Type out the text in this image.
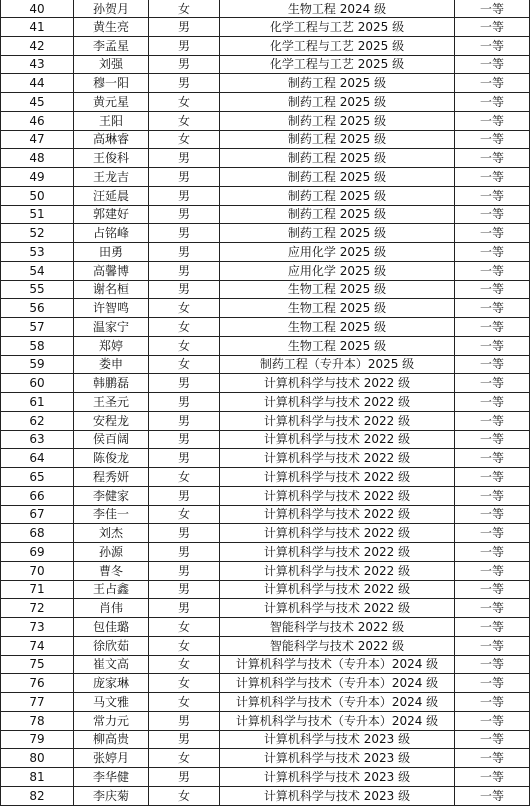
40	孙贺月	女	生物工程 2024 级	一等
41	黄生亮	男	化学工程与工艺 2025 级	一等
42	李孟星	男	化学工程与工艺 2025 级	一等
43	刘强	男	化学工程与工艺 2025 级	一等
44	穆一阳	男	制药工程 2025 级	一等
45	黄元星	女	制药工程 2025 级	一等
46	王阳	女	制药工程 2025 级	一等
47	高琳睿	女	制药工程 2025 级	一等
48	王俊科	男	制药工程 2025 级	一等
49	王龙吉	男	制药工程 2025 级	一等
50	汪延晨	男	制药工程 2025 级	一等
51	郭建好	男	制药工程 2025 级	一等
52	占铭峰	男	制药工程 2025 级	一等
53	田勇	男	应用化学 2025 级	一等
54	高馨博	男	应用化学 2025 级	一等
55	谢名桓	男	生物工程 2025 级	一等
56	许智鸣	女	生物工程 2025 级	一等
57	温家宁	女	生物工程 2025 级	一等
58	郑婷	女	生物工程 2025 级	一等
59	娄申	女	制药工程（专升本）2025 级	一等
60	韩鹏磊	男	计算机科学与技术 2022 级	一等
61	王圣元	男	计算机科学与技术 2022 级	一等
62	安程龙	男	计算机科学与技术 2022 级	一等
63	侯百阔	男	计算机科学与技术 2022 级	一等
64	陈俊龙	男	计算机科学与技术 2022 级	一等
65	程秀妍	女	计算机科学与技术 2022 级	一等
66	李健家	男	计算机科学与技术 2022 级	一等
67	李佳一	女	计算机科学与技术 2022 级	一等
68	刘杰	男	计算机科学与技术 2022 级	一等
69	孙源	男	计算机科学与技术 2022 级	一等
70	曹冬	男	计算机科学与技术 2022 级	一等
71	王占鑫	男	计算机科学与技术 2022 级	一等
72	肖伟	男	计算机科学与技术 2022 级	一等
73	包佳璐	女	智能科学与技术 2022 级	一等
74	徐欣茹	女	智能科学与技术 2022 级	一等
75	崔文高	女	计算机科学与技术（专升本）2024 级	一等
76	庞家琳	女	计算机科学与技术（专升本）2024 级	一等
77	马文雅	女	计算机科学与技术（专升本）2024 级	一等
78	常力元	男	计算机科学与技术（专升本）2024 级	一等
79	柳高贵	男	计算机科学与技术 2023 级	一等
80	张婷月	女	计算机科学与技术 2023 级	一等
81	李华健	男	计算机科学与技术 2023 级	一等
82	李庆菊	女	计算机科学与技术 2023 级	一等
